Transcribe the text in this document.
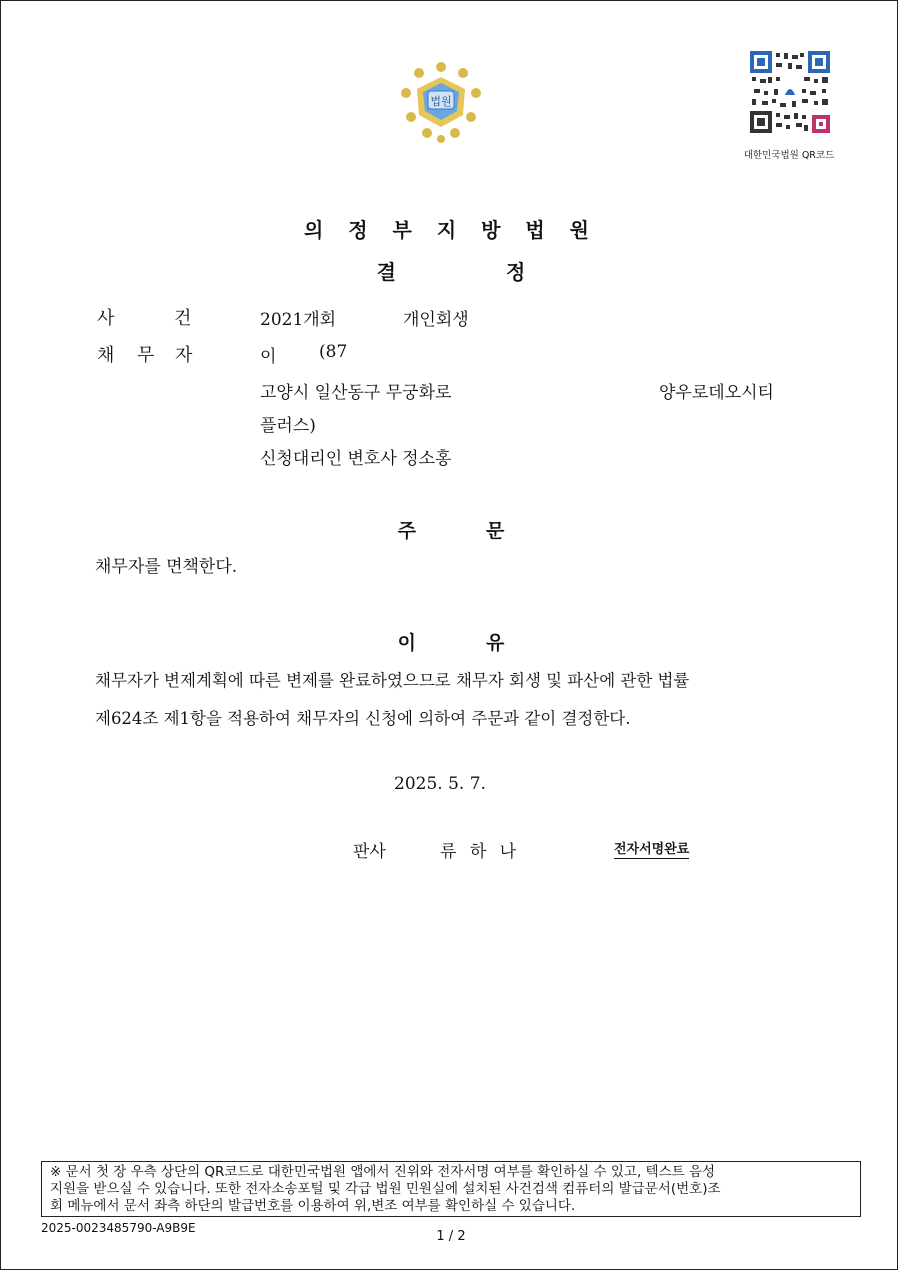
법원
대한민국법원 QR코드
의 정 부 지 방 법 원
결	정
사	건	2021개회	개인회생
채 무 자	이	(87
고양시 일산동구 무궁화로	양우로데오시티
플러스)
신청대리인 변호사 정소홍
주	문
채무자를 면책한다.
이	유
채무자가 변제계획에 따른 변제를 완료하였으므로 채무자 회생 및 파산에 관한 법률
제624조 제1항을 적용하여 채무자의 신청에 의하여 주문과 같이 결정한다.
2025. 5. 7.
판사	류 하 나	전자서명완료
※ 문서 첫 장 우측 상단의 QR코드로 대한민국법원 앱에서 진위와 전자서명 여부를 확인하실 수 있고, 텍스트 음성
지원을 받으실 수 있습니다. 또한 전자소송포털 및 각급 법원 민원실에 설치된 사건검색 컴퓨터의 발급문서(번호)조
회 메뉴에서 문서 좌측 하단의 발급번호를 이용하여 위,변조 여부를 확인하실 수 있습니다.
2025-0023485790-A9B9E
1 / 2
